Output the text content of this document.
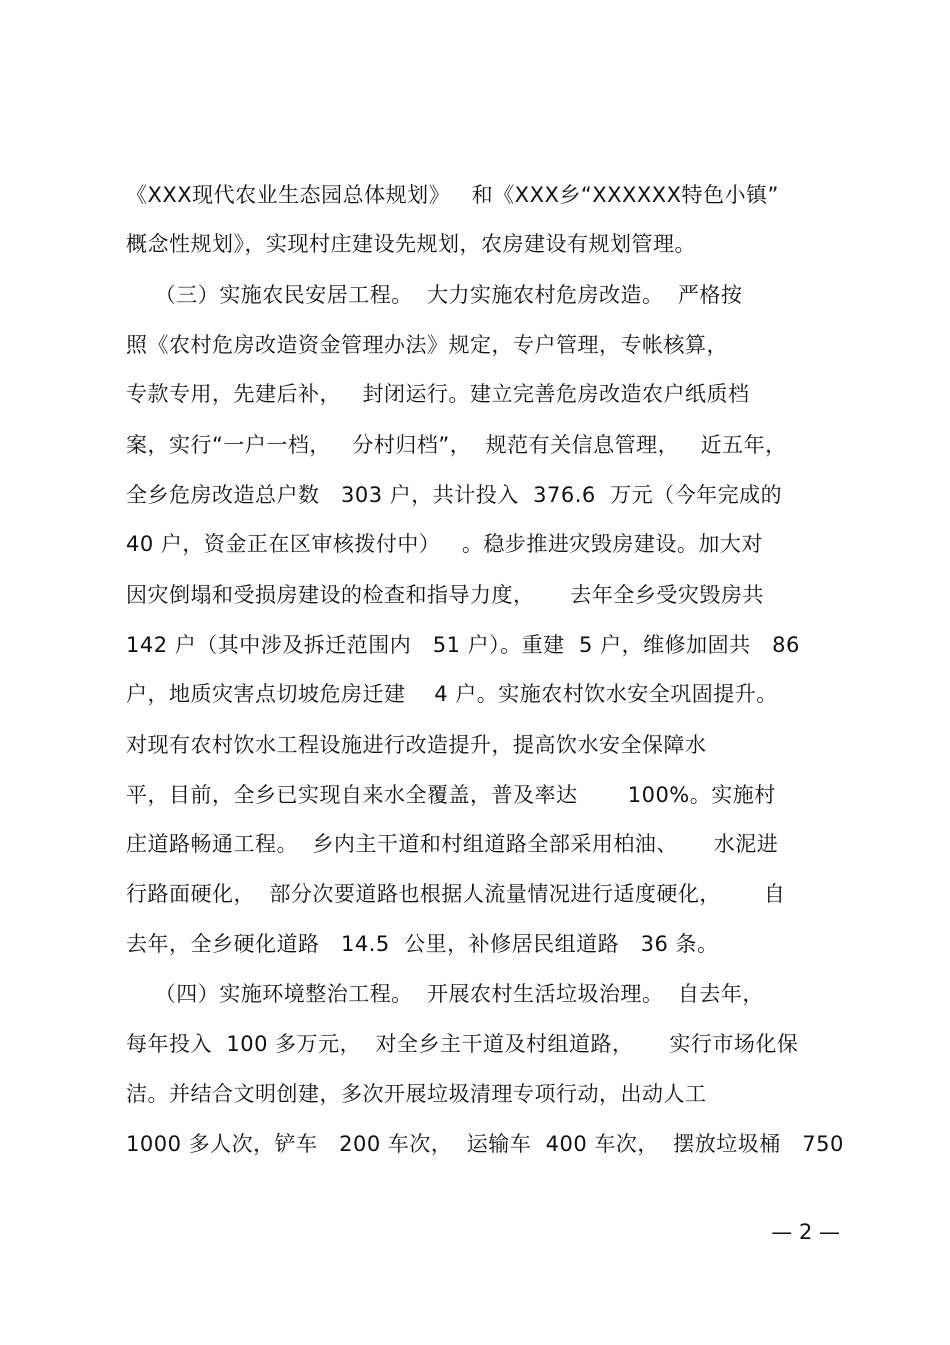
《XXX现代农业生态园总体规划》   和《XXX乡“XXXXXX特色小镇”
概念性规划》，实现村庄建设先规划，农房建设有规划管理。
（三）实施农民安居工程。  大力实施农村危房改造。  严格按
照《农村危房改造资金管理办法》规定，专户管理，专帐核算，
专款专用，先建后补，   封闭运行。建立完善危房改造农户纸质档
案，实行“一户一档，   分村归档”，  规范有关信息管理，   近五年，
全乡危房改造总户数   303 户，共计投入  376.6  万元（今年完成的
40 户，资金正在区审核拨付中）   。稳步推进灾毁房建设。加大对
因灾倒塌和受损房建设的检查和指导力度，     去年全乡受灾毁房共
142 户（其中涉及拆迁范围内   51 户）。重建  5 户，维修加固共   86
户，地质灾害点切坡危房迁建    4 户。实施农村饮水安全巩固提升。
对现有农村饮水工程设施进行改造提升，提高饮水安全保障水
平，目前，全乡已实现自来水全覆盖，普及率达       100%。实施村
庄道路畅通工程。  乡内主干道和村组道路全部采用柏油、     水泥进
行路面硬化，  部分次要道路也根据人流量情况进行适度硬化，      自
去年，全乡硬化道路   14.5  公里，补修居民组道路   36 条。
（四）实施环境整治工程。  开展农村生活垃圾治理。  自去年，
每年投入  100 多万元，  对全乡主干道及村组道路，     实行市场化保
洁。并结合文明创建，多次开展垃圾清理专项行动，出动人工
1000 多人次，铲车   200 车次，  运输车  400 车次，  摆放垃圾桶   750
— 2 —
